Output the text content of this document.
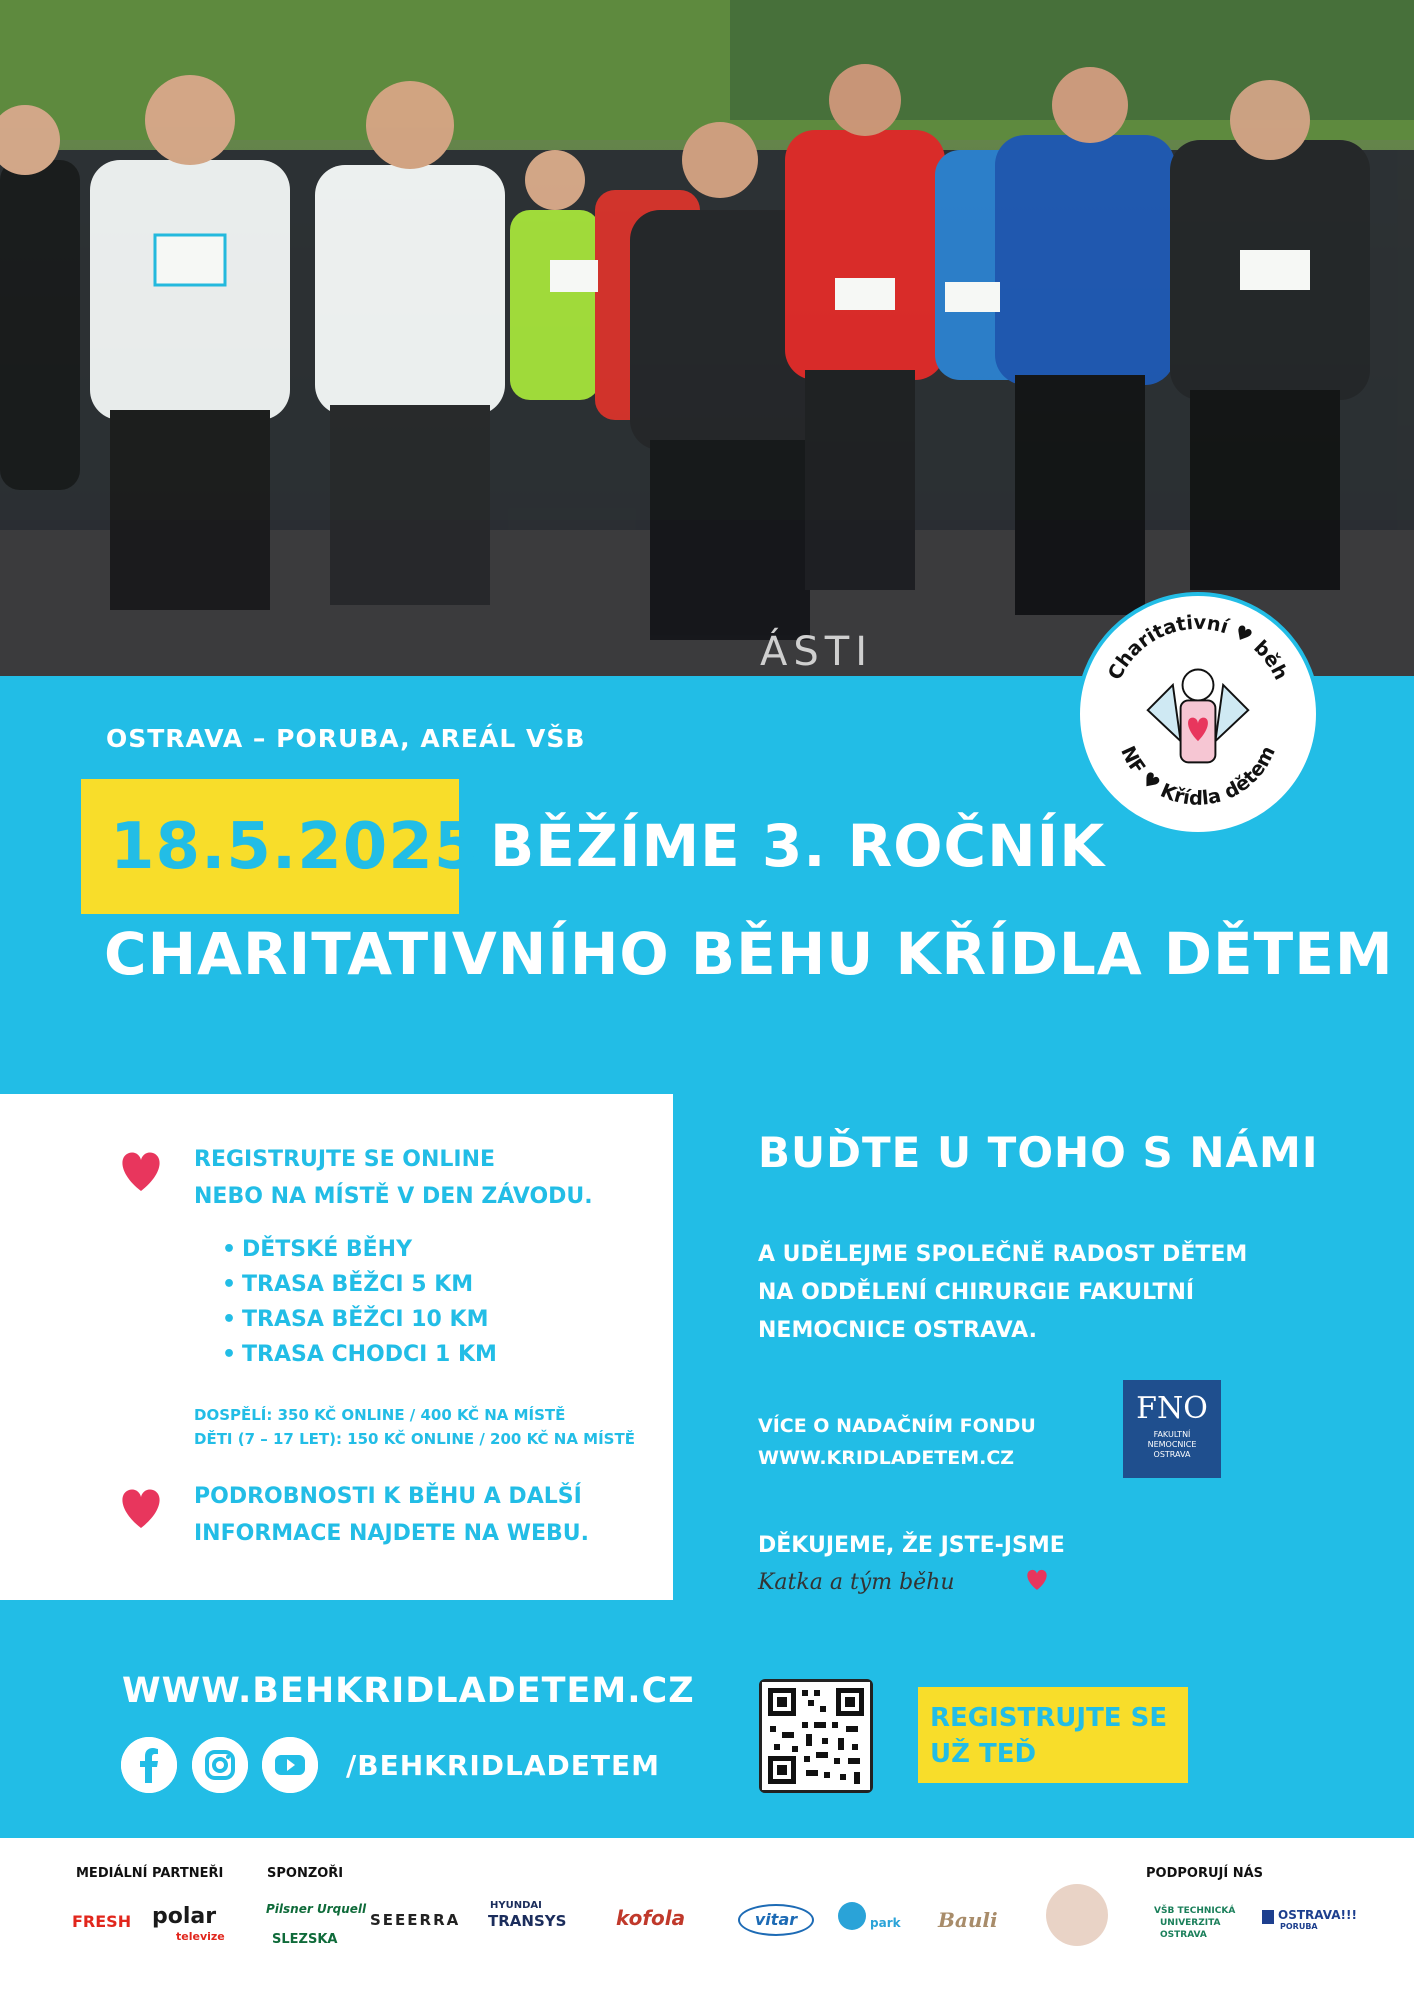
ÁSTI	Charitativní ♥ běh
NF ♥ Křídla dětem
OSTRAVA – PORUBA, AREÁL VŠB
18.5.2025 BĚŽÍME 3. ROČNÍK
CHARITATIVNÍHO BĚHU KŘÍDLA DĚTEM
REGISTRUJTE SE ONLINE
NEBO NA MÍSTĚ V DEN ZÁVODU.
• DĚTSKÉ BĚHY
• TRASA BĚŽCI 5 KM
• TRASA BĚŽCI 10 KM
• TRASA CHODCI 1 KM
DOSPĚLÍ: 350 KČ ONLINE / 400 KČ NA MÍSTĚ
DĚTI (7 – 17 LET): 150 KČ ONLINE / 200 KČ NA MÍSTĚ
PODROBNOSTI K BĚHU A DALŠÍ
INFORMACE NAJDETE NA WEBU.
BUĎTE U TOHO S NÁMI
A UDĚLEJME SPOLEČNĚ RADOST DĚTEM
NA ODDĚLENÍ CHIRURGIE FAKULTNÍ
NEMOCNICE OSTRAVA.
VÍCE O NADAČNÍM FONDU
WWW.KRIDLADETEM.CZ
FNO
FAKULTNÍ
NEMOCNICE
OSTRAVA
DĚKUJEME, ŽE JSTE-JSME
Katka a tým běhu
WWW.BEHKRIDLADETEM.CZ
/BEHKRIDLADETEM
REGISTRUJTE SE
UŽ TEĎ
MEDIÁLNÍ PARTNEŘI	SPONZOŘI	PODPORUJÍ NÁS
FRESH polar
televize
Pilsner Urquell
SLEZSKA
SEEERRA
HYUNDAI
TRANSYS kofola	vitar	park Bauli	VŠB TECHNICKÁ
UNIVERZITA
OSTRAVA
OSTRAVA!!!
PORUBA
